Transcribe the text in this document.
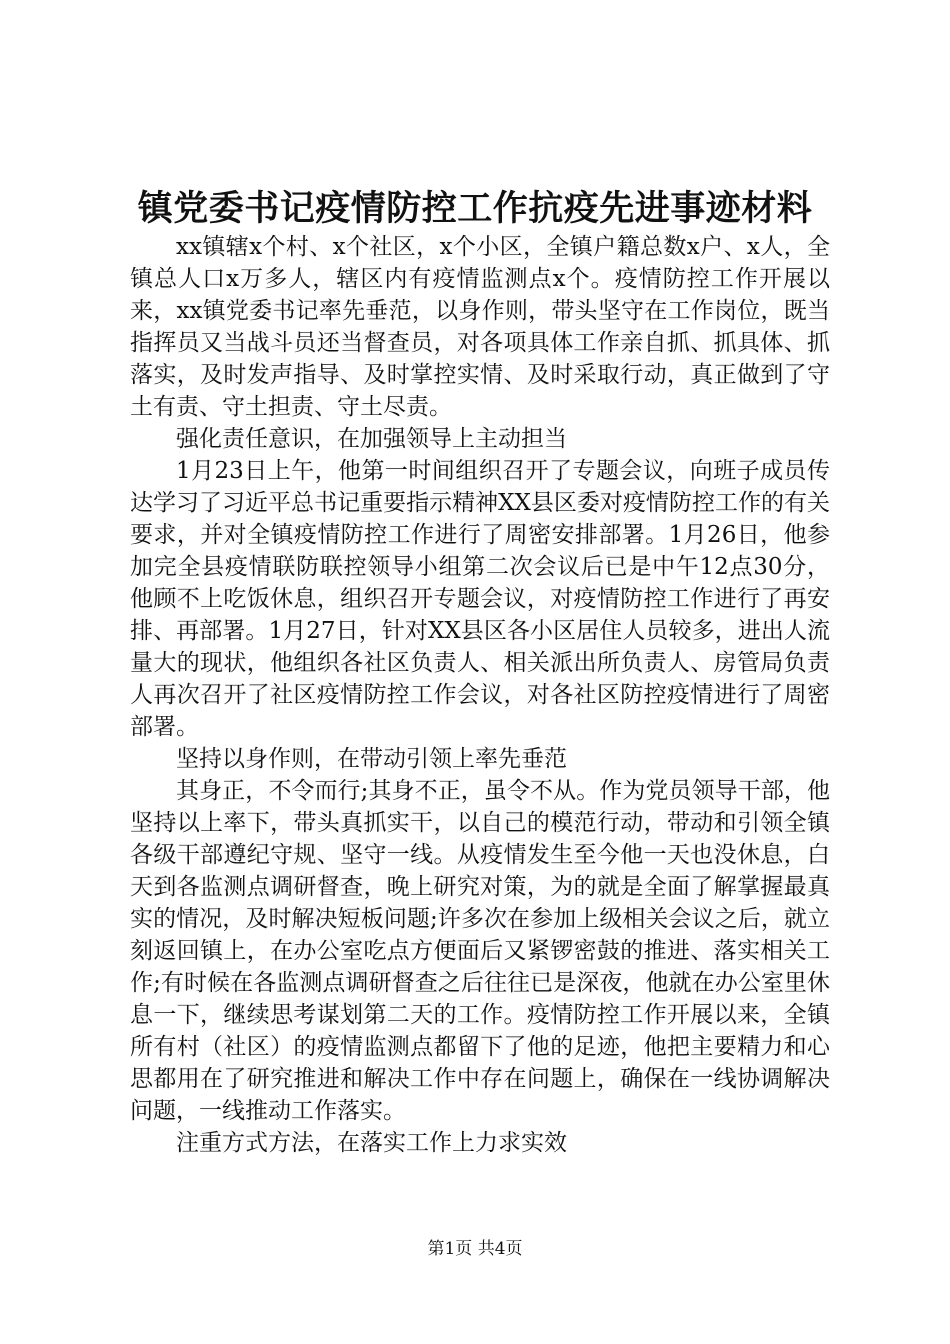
镇党委书记疫情防控工作抗疫先进事迹材料

xx镇辖x个村、x个社区，x个小区，全镇户籍总数x户、x人，全镇总人口x万多人，辖区内有疫情监测点x个。疫情防控工作开展以来，xx镇党委书记率先垂范，以身作则，带头坚守在工作岗位，既当指挥员又当战斗员还当督查员，对各项具体工作亲自抓、抓具体、抓落实，及时发声指导、及时掌控实情、及时采取行动，真正做到了守土有责、守土担责、守土尽责。

强化责任意识，在加强领导上主动担当

1月23日上午，他第一时间组织召开了专题会议，向班子成员传达学习了习近平总书记重要指示精神XX县区委对疫情防控工作的有关要求，并对全镇疫情防控工作进行了周密安排部署。1月26日，他参加完全县疫情联防联控领导小组第二次会议后已是中午12点30分，他顾不上吃饭休息，组织召开专题会议，对疫情防控工作进行了再安排、再部署。1月27日，针对XX县区各小区居住人员较多，进出人流量大的现状，他组织各社区负责人、相关派出所负责人、房管局负责人再次召开了社区疫情防控工作会议，对各社区防控疫情进行了周密部署。

坚持以身作则，在带动引领上率先垂范

其身正，不令而行;其身不正，虽令不从。作为党员领导干部，他坚持以上率下，带头真抓实干，以自己的模范行动，带动和引领全镇各级干部遵纪守规、坚守一线。从疫情发生至今他一天也没休息，白天到各监测点调研督查，晚上研究对策，为的就是全面了解掌握最真实的情况，及时解决短板问题;许多次在参加上级相关会议之后，就立刻返回镇上，在办公室吃点方便面后又紧锣密鼓的推进、落实相关工作;有时候在各监测点调研督查之后往往已是深夜，他就在办公室里休息一下，继续思考谋划第二天的工作。疫情防控工作开展以来，全镇所有村（社区）的疫情监测点都留下了他的足迹，他把主要精力和心思都用在了研究推进和解决工作中存在问题上，确保在一线协调解决问题，一线推动工作落实。

注重方式方法，在落实工作上力求实效

第1页 共4页
